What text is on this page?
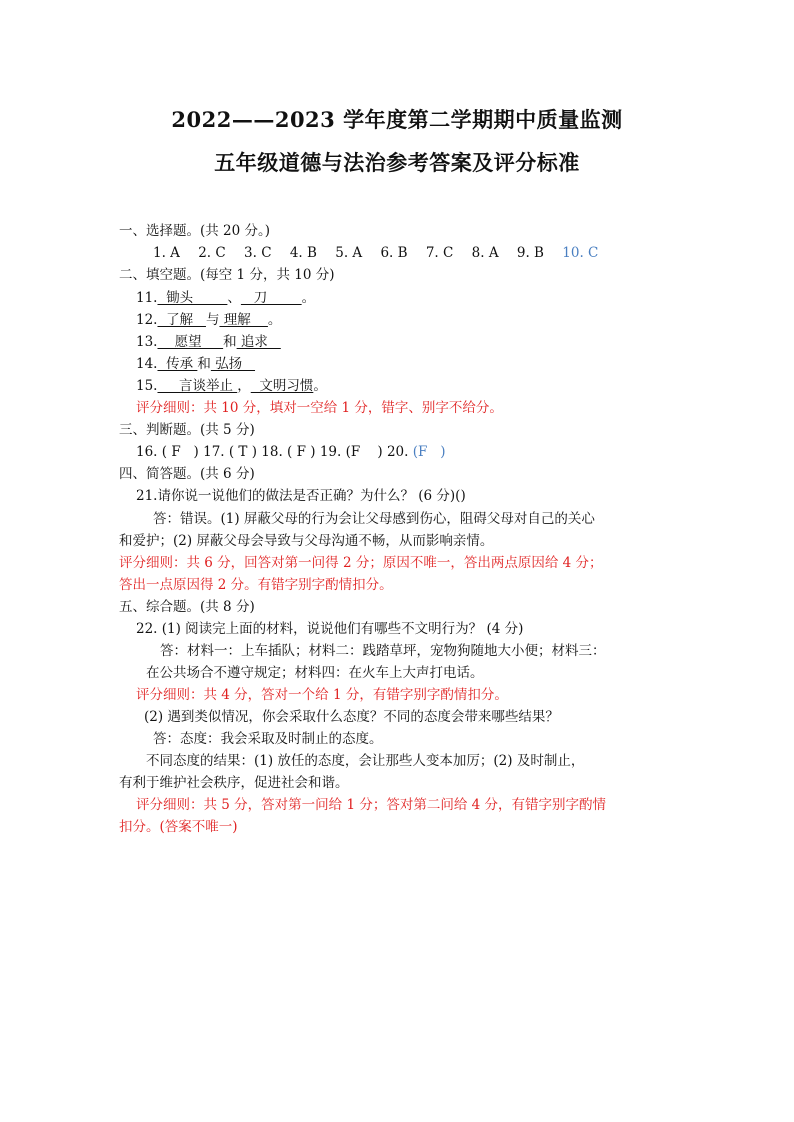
2022——2023 学年度第二学期期中质量监测
五年级道德与法治参考答案及评分标准
一、选择题。(共 20 分。)
1. A 2. C 3. C 4. B 5. A 6. B 7. C 8. A 9. B 10. C
二、填空题。(每空 1 分，共 10 分)
11.  锄头        、   刀        。
12.  了解   与 理解    。
13.    愿望     和 追求
14.  传承 和 弘扬
15.     言谈举止 ，  文明习惯。
评分细则：共 10 分，填对一空给 1 分，错字、别字不给分。
三、判断题。(共 5 分)
16. ( F   ) 17. ( T ) 18. ( F ) 19. (F    ) 20. (F   )
四、简答题。(共 6 分)
21.请你说一说他们的做法是否正确？为什么？ (6 分)()
答：错误。(1) 屏蔽父母的行为会让父母感到伤心，阻碍父母对自己的关心
和爱护；(2) 屏蔽父母会导致与父母沟通不畅，从而影响亲情。
评分细则：共 6 分，回答对第一问得 2 分；原因不唯一，答出两点原因给 4 分；
答出一点原因得 2 分。有错字别字酌情扣分。
五、综合题。(共 8 分)
22. (1) 阅读完上面的材料，说说他们有哪些不文明行为？ (4 分)
答：材料一：上车插队；材料二：践踏草坪，宠物狗随地大小便；材料三：
在公共场合不遵守规定；材料四：在火车上大声打电话。
评分细则：共 4 分，答对一个给 1 分，有错字别字酌情扣分。
(2) 遇到类似情况，你会采取什么态度？不同的态度会带来哪些结果？
答：态度：我会采取及时制止的态度。
不同态度的结果：(1) 放任的态度，会让那些人变本加厉；(2) 及时制止，
有利于维护社会秩序，促进社会和谐。
评分细则：共 5 分，答对第一问给 1 分；答对第二问给 4 分，有错字别字酌情
扣分。(答案不唯一)
